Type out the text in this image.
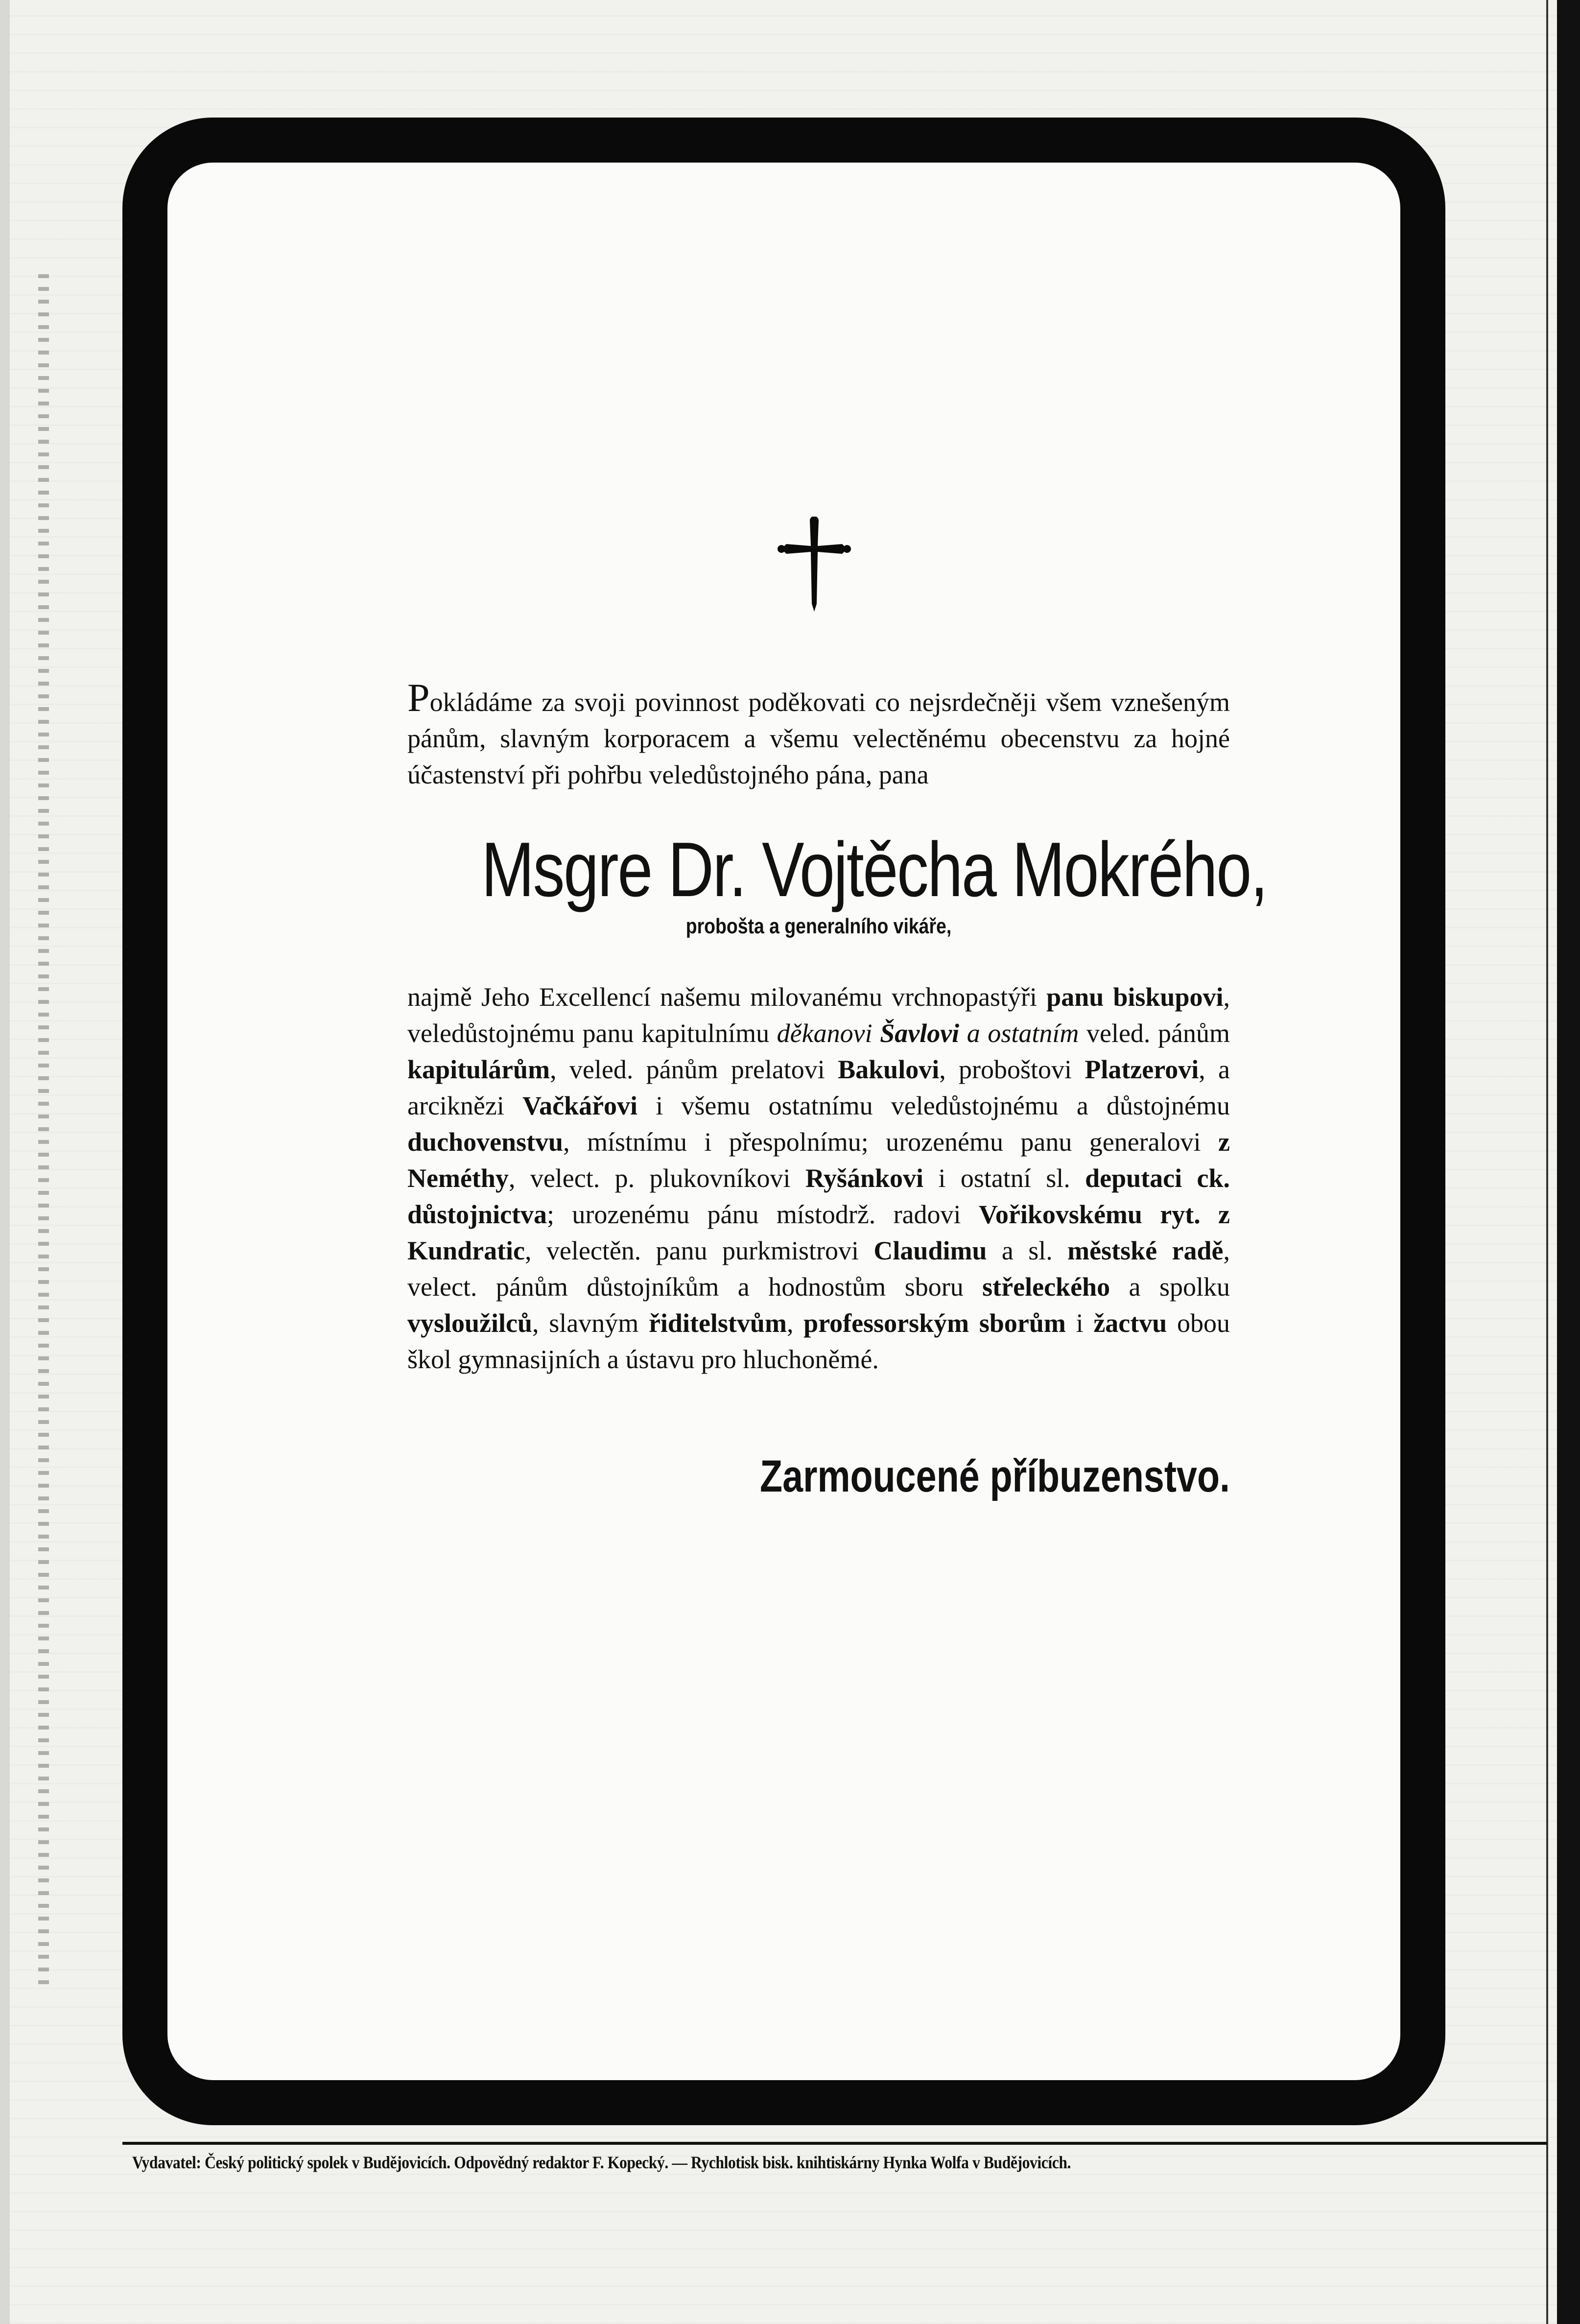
Pokládáme za svoji povinnost poděkovati co nejsrdečněji všem vznešeným pánům, slavným korporacem a všemu velectěnému obecenstvu za hojné účastenství při pohřbu veledůstojného pána, pana

Msgre Dr. Vojtěcha Mokrého,
probošta a generalního vikáře,

najmě Jeho Excellencí našemu milovanému vrchnopastýři panu biskupovi, veledůstojnému panu kapitulnímu děkanovi Šavlovi a ostatním veled. pánům kapitulárům, veled. pánům prelatovi Bakulovi, proboštovi Platzerovi, a arciknězi Vačkářovi i všemu ostatnímu veledůstojnému a důstojnému duchovenstvu, místnímu i přespolnímu; urozenému panu generalovi z Neméthy, velect. p. plukovníkovi Ryšánkovi i ostatní sl. deputaci ck. důstojnictva; urozenému pánu místodrž. radovi Vořikovskému ryt. z Kundratic, velectěn. panu purkmistrovi Claudimu a sl. městské radě, velect. pánům důstojníkům a hodnostům sboru střeleckého a spolku vysloužilců, slavným řiditelstvům, professorským sborům i žactvu obou škol gymnasijních a ústavu pro hluchoněmé.

Zarmoucené příbuzenstvo.
Vydavatel: Český politický spolek v Budějovicích. Odpovědný redaktor F. Kopecký. — Rychlotisk bisk. knihtiskárny Hynka Wolfa v Budějovicích.
